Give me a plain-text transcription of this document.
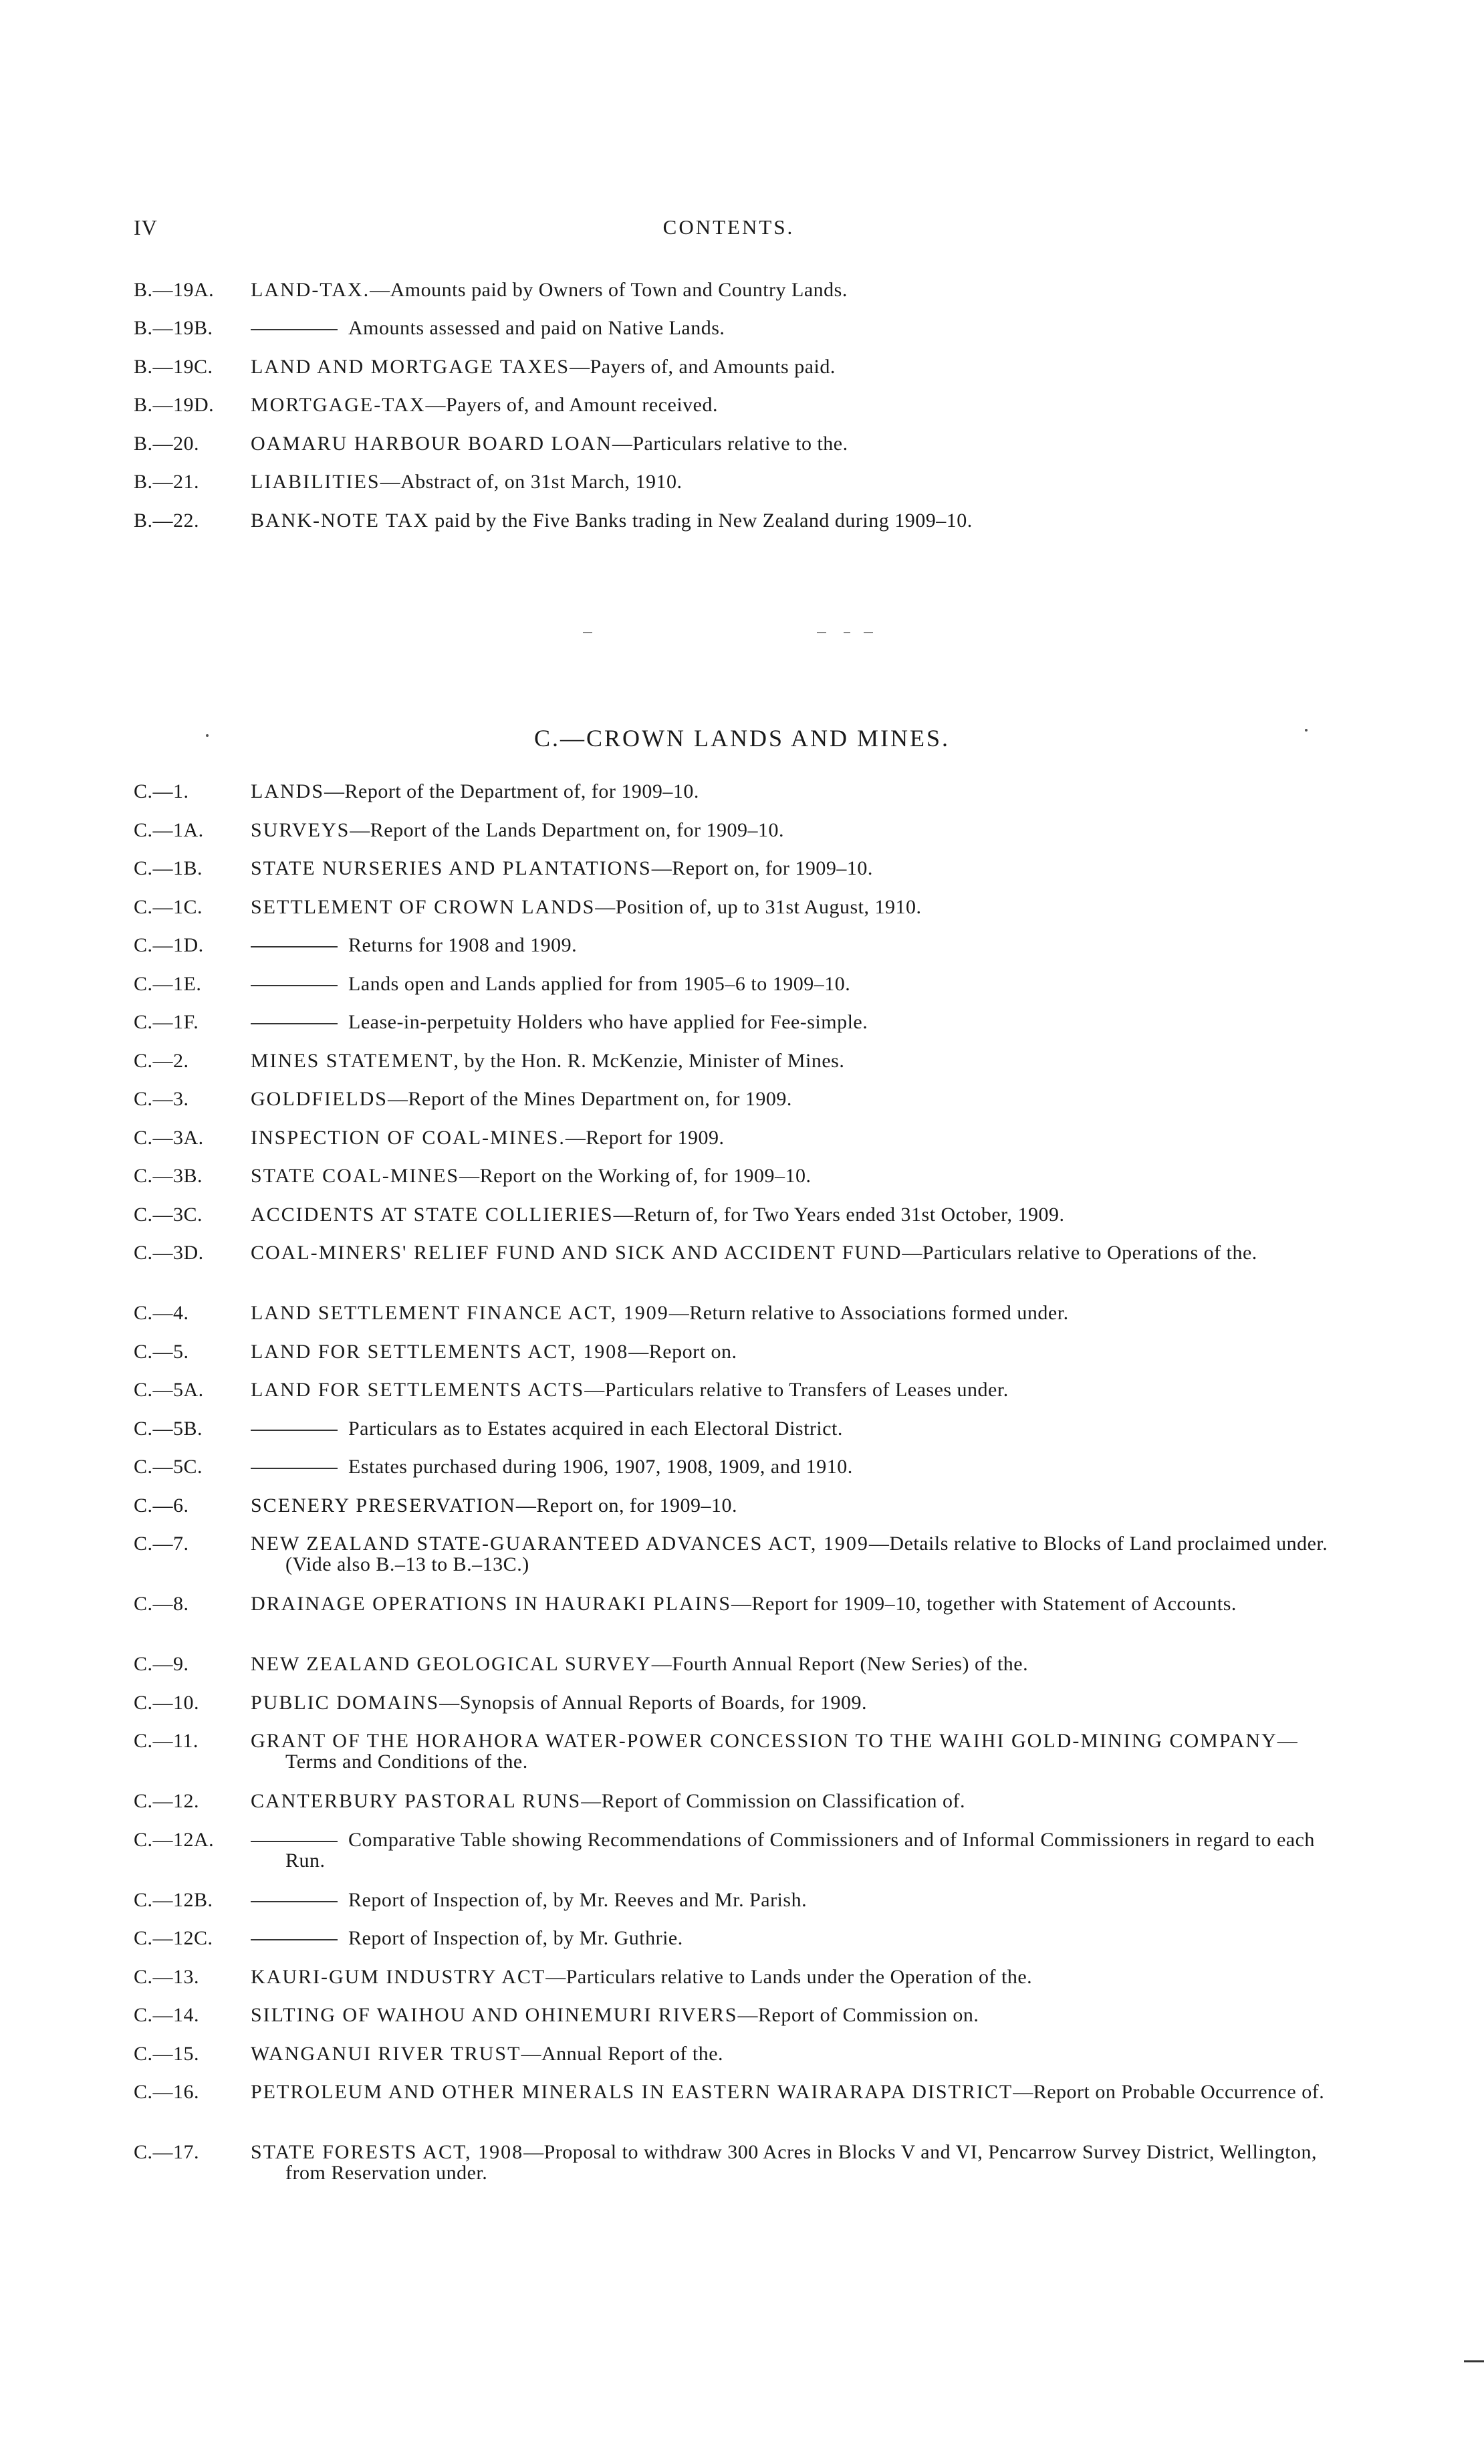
IV	CONTENTS.
B.—19A.	LAND-TAX.—Amounts paid by Owners of Town and Country Lands.
B.—19B.	Amounts assessed and paid on Native Lands.
B.—19C.	LAND AND MORTGAGE TAXES—Payers of, and Amounts paid.
B.—19D.	MORTGAGE-TAX—Payers of, and Amount received.
B.—20.	OAMARU HARBOUR BOARD LOAN—Particulars relative to the.
B.—21.	LIABILITIES—Abstract of, on 31st March, 1910.
B.—22.	BANK-NOTE TAX paid by the Five Banks trading in New Zealand during 1909–10.
C.—CROWN LANDS AND MINES.
C.—1.	LANDS—Report of the Department of, for 1909–10.
C.—1A.	SURVEYS—Report of the Lands Department on, for 1909–10.
C.—1B.	STATE NURSERIES AND PLANTATIONS—Report on, for 1909–10.
C.—1C.	SETTLEMENT OF CROWN LANDS—Position of, up to 31st August, 1910.
C.—1D.	Returns for 1908 and 1909.
C.—1E.	Lands open and Lands applied for from 1905–6 to 1909–10.
C.—1F.	Lease-in-perpetuity Holders who have applied for Fee-simple.
C.—2.	MINES STATEMENT, by the Hon. R. McKenzie, Minister of Mines.
C.—3.	GOLDFIELDS—Report of the Mines Department on, for 1909.
C.—3A.	INSPECTION OF COAL-MINES.—Report for 1909.
C.—3B.	STATE COAL-MINES—Report on the Working of, for 1909–10.
C.—3C.	ACCIDENTS AT STATE COLLIERIES—Return of, for Two Years ended 31st October, 1909.
C.—3D.	COAL-MINERS' RELIEF FUND AND SICK AND ACCIDENT FUND—Particulars relative to Operations of the.
C.—4.	LAND SETTLEMENT FINANCE ACT, 1909—Return relative to Associations formed under.
C.—5.	LAND FOR SETTLEMENTS ACT, 1908—Report on.
C.—5A.	LAND FOR SETTLEMENTS ACTS—Particulars relative to Transfers of Leases under.
C.—5B.	Particulars as to Estates acquired in each Electoral District.
C.—5C.	Estates purchased during 1906, 1907, 1908, 1909, and 1910.
C.—6.	SCENERY PRESERVATION—Report on, for 1909–10.
C.—7.	NEW ZEALAND STATE-GUARANTEED ADVANCES ACT, 1909—Details relative to Blocks of Land proclaimed under. (Vide also B.–13 to B.–13C.)
C.—8.	DRAINAGE OPERATIONS IN HAURAKI PLAINS—Report for 1909–10, together with Statement of Accounts.
C.—9.	NEW ZEALAND GEOLOGICAL SURVEY—Fourth Annual Report (New Series) of the.
C.—10.	PUBLIC DOMAINS—Synopsis of Annual Reports of Boards, for 1909.
C.—11.	GRANT OF THE HORAHORA WATER-POWER CONCESSION TO THE WAIHI GOLD-MINING COMPANY—Terms and Conditions of the.
C.—12.	CANTERBURY PASTORAL RUNS—Report of Commission on Classification of.
C.—12A.	Comparative Table showing Recommendations of Commissioners and of Informal Commissioners in regard to each Run.
C.—12B.	Report of Inspection of, by Mr. Reeves and Mr. Parish.
C.—12C.	Report of Inspection of, by Mr. Guthrie.
C.—13.	KAURI-GUM INDUSTRY ACT—Particulars relative to Lands under the Operation of the.
C.—14.	SILTING OF WAIHOU AND OHINEMURI RIVERS—Report of Commission on.
C.—15.	WANGANUI RIVER TRUST—Annual Report of the.
C.—16.	PETROLEUM AND OTHER MINERALS IN EASTERN WAIRARAPA DISTRICT—Report on Probable Occurrence of.
C.—17.	STATE FORESTS ACT, 1908—Proposal to withdraw 300 Acres in Blocks V and VI, Pencarrow Survey District, Wellington, from Reservation under.
